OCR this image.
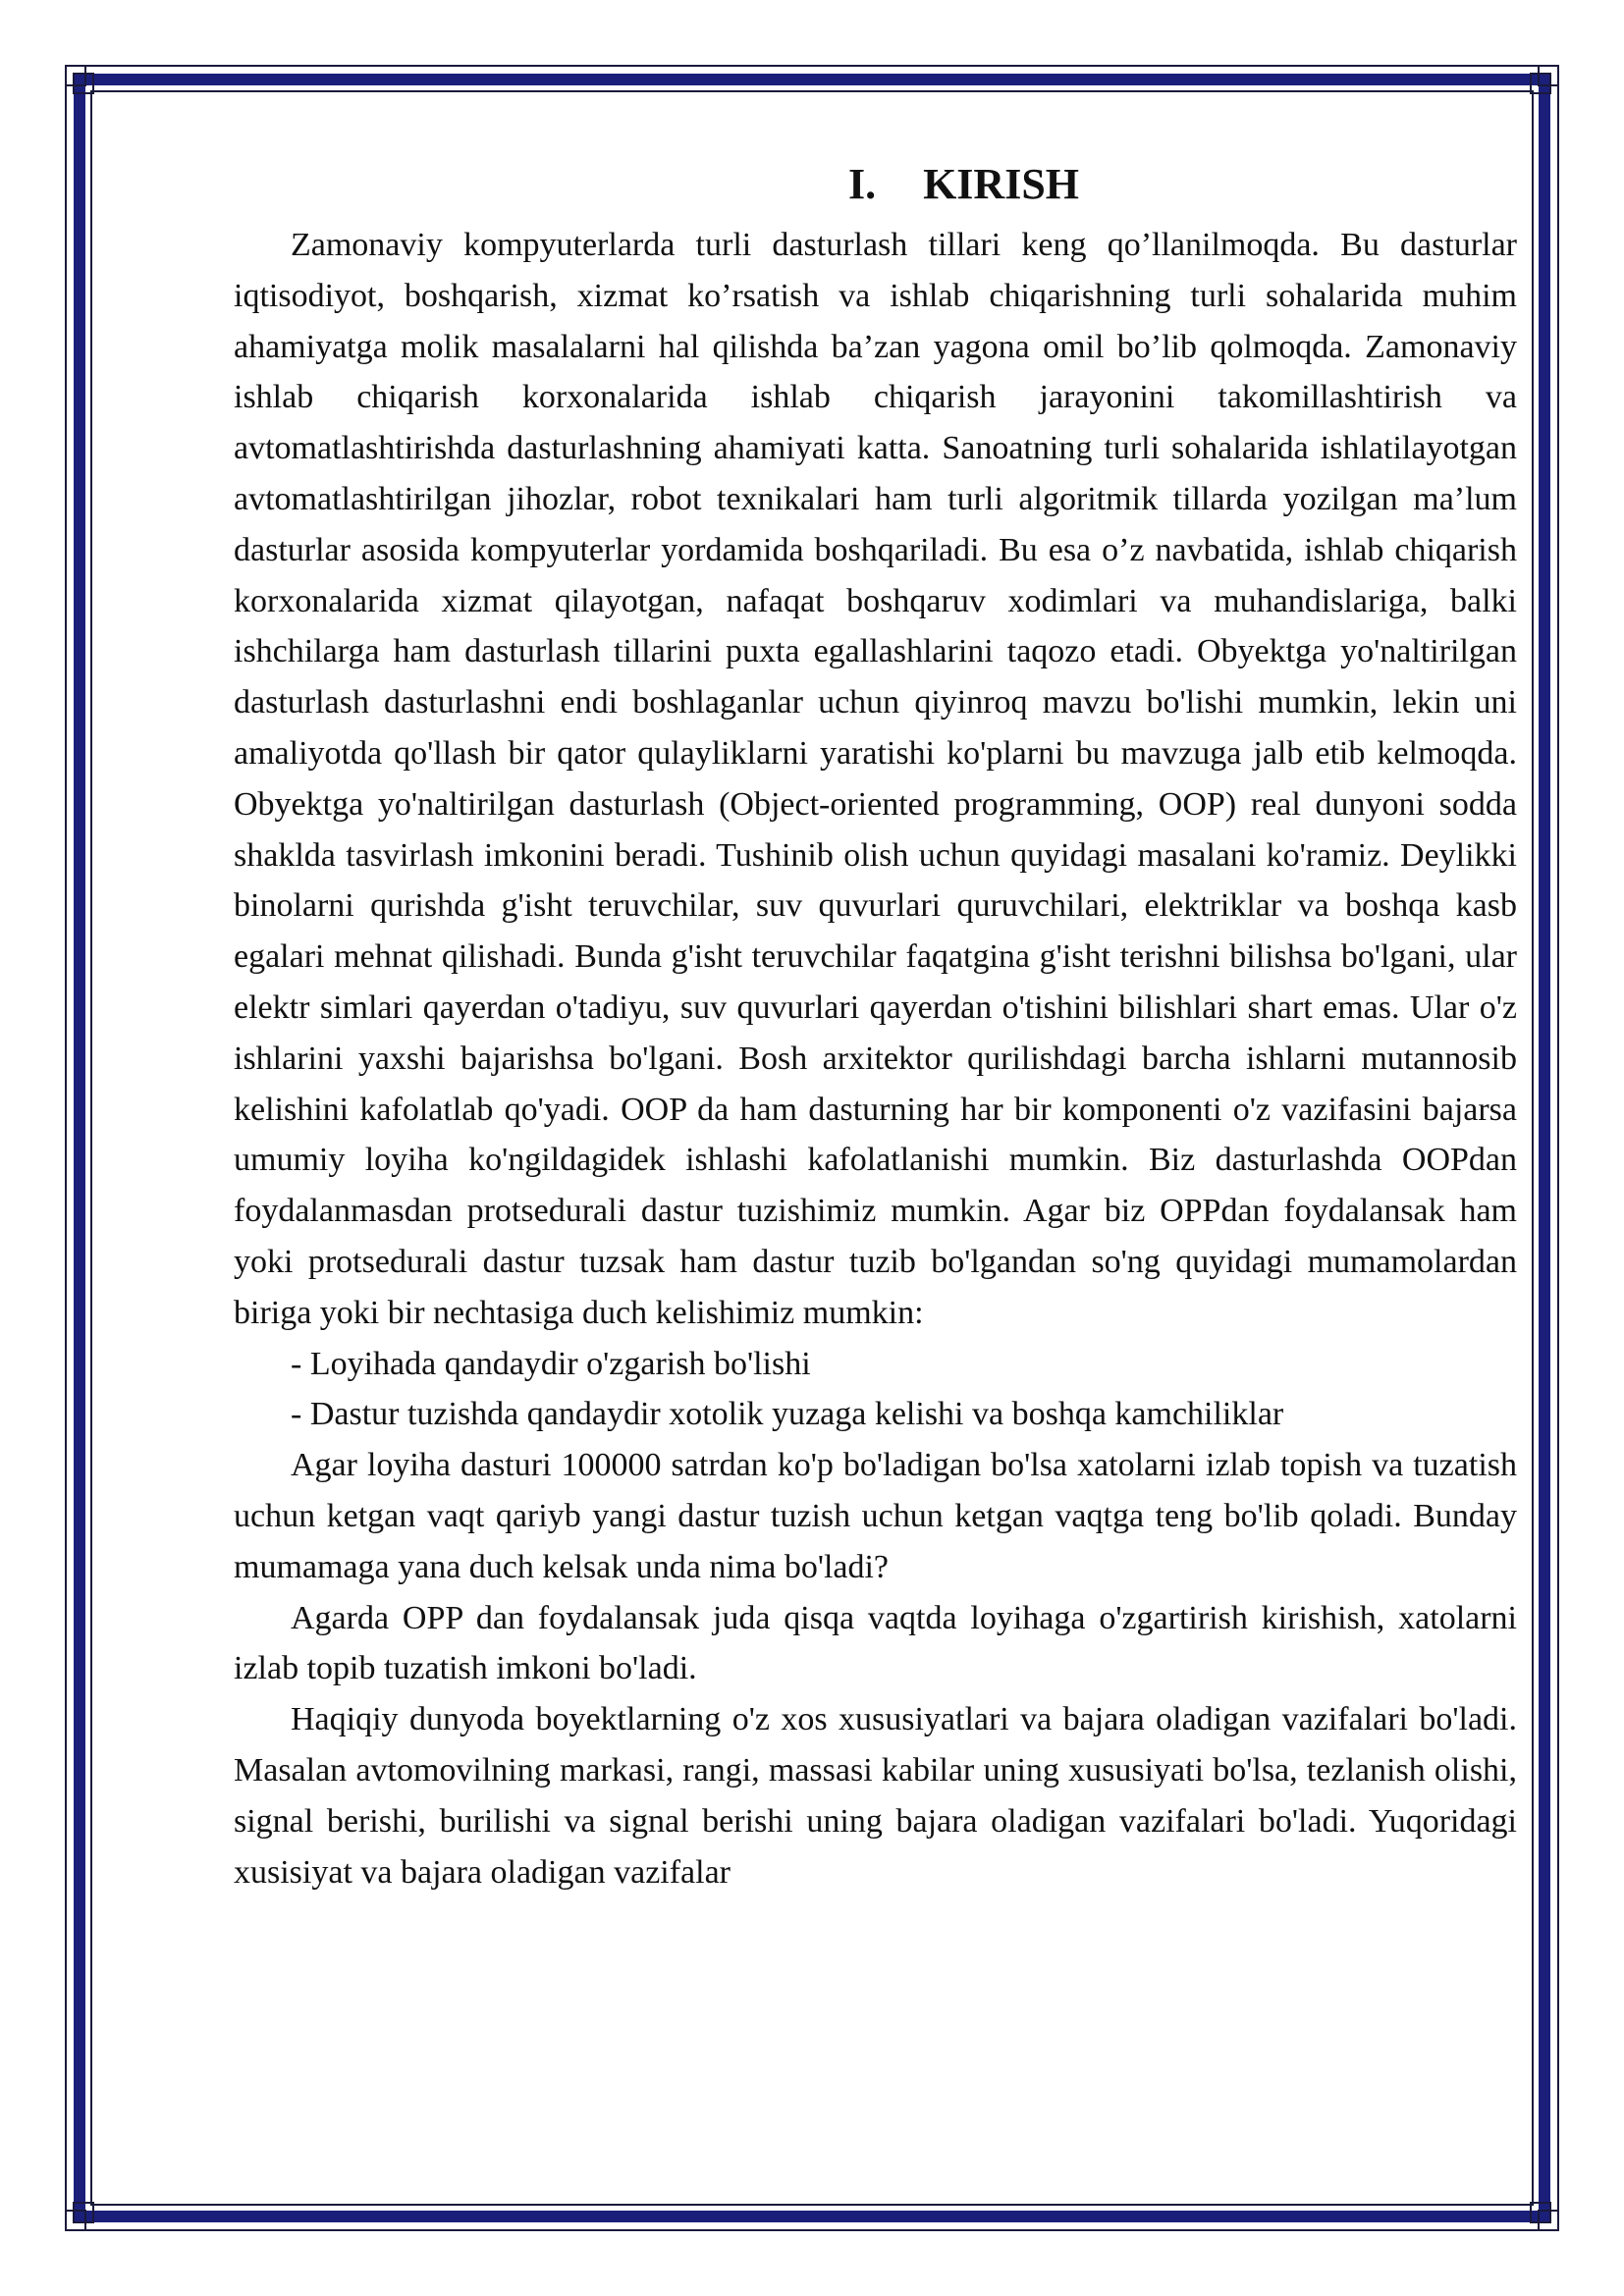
I. KIRISH

Zamonaviy kompyuterlarda turli dasturlash tillari keng qo’llanilmoqda. Bu dasturlar iqtisodiyot, boshqarish, xizmat ko’rsatish va ishlab chiqarishning turli sohalarida muhim ahamiyatga molik masalalarni hal qilishda ba’zan yagona omil bo’lib qolmoqda. Zamonaviy ishlab chiqarish korxonalarida ishlab chiqarish jarayonini takomillashtirish va avtomatlashtirishda dasturlashning ahamiyati katta. Sanoatning turli sohalarida ishlatilayotgan avtomatlashtirilgan jihozlar, robot texnikalari ham turli algoritmik tillarda yozilgan ma’lum dasturlar asosida kompyuterlar yordamida boshqariladi. Bu esa o’z navbatida, ishlab chiqarish korxonalarida xizmat qilayotgan, nafaqat boshqaruv xodimlari va muhandislariga, balki ishchilarga ham dasturlash tillarini puxta egallashlarini taqozo etadi. Obyektga yo'naltirilgan dasturlash dasturlashni endi boshlaganlar uchun qiyinroq mavzu bo'lishi mumkin, lekin uni amaliyotda qo'llash bir qator qulayliklarni yaratishi ko'plarni bu mavzuga jalb etib kelmoqda. Obyektga yo'naltirilgan dasturlash (Object-oriented programming, OOP) real dunyoni sodda shaklda tasvirlash imkonini beradi. Tushinib olish uchun quyidagi masalani ko'ramiz. Deylikki binolarni qurishda g'isht teruvchilar, suv quvurlari quruvchilari, elektriklar va boshqa kasb egalari mehnat qilishadi. Bunda g'isht teruvchilar faqatgina g'isht terishni bilishsa bo'lgani, ular elektr simlari qayerdan o'tadiyu, suv quvurlari qayerdan o'tishini bilishlari shart emas. Ular o'z ishlarini yaxshi bajarishsa bo'lgani. Bosh arxitektor qurilishdagi barcha ishlarni mutannosib kelishini kafolatlab qo'yadi. OOP da ham dasturning har bir komponenti o'z vazifasini bajarsa umumiy loyiha ko'ngildagidek ishlashi kafolatlanishi mumkin. Biz dasturlashda OOPdan foydalanmasdan protsedurali dastur tuzishimiz mumkin. Agar biz OPPdan foydalansak ham yoki protsedurali dastur tuzsak ham dastur tuzib bo'lgandan so'ng quyidagi mumamolardan biriga yoki bir nechtasiga duch kelishimiz mumkin:

- Loyihada qandaydir o'zgarish bo'lishi

- Dastur tuzishda qandaydir xotolik yuzaga kelishi va boshqa kamchiliklar

Agar loyiha dasturi 100000 satrdan ko'p bo'ladigan bo'lsa xatolarni izlab topish va tuzatish uchun ketgan vaqt qariyb yangi dastur tuzish uchun ketgan vaqtga teng bo'lib qoladi. Bunday mumamaga yana duch kelsak unda nima bo'ladi?

Agarda OPP dan foydalansak juda qisqa vaqtda loyihaga o'zgartirish kirishish, xatolarni izlab topib tuzatish imkoni bo'ladi.

Haqiqiy dunyoda boyektlarning o'z xos xususiyatlari va bajara oladigan vazifalari bo'ladi. Masalan avtomovilning markasi, rangi, massasi kabilar uning xususiyati bo'lsa, tezlanish olishi, signal berishi, burilishi va signal berishi uning bajara oladigan vazifalari bo'ladi. Yuqoridagi xusisiyat va bajara oladigan vazifalar
